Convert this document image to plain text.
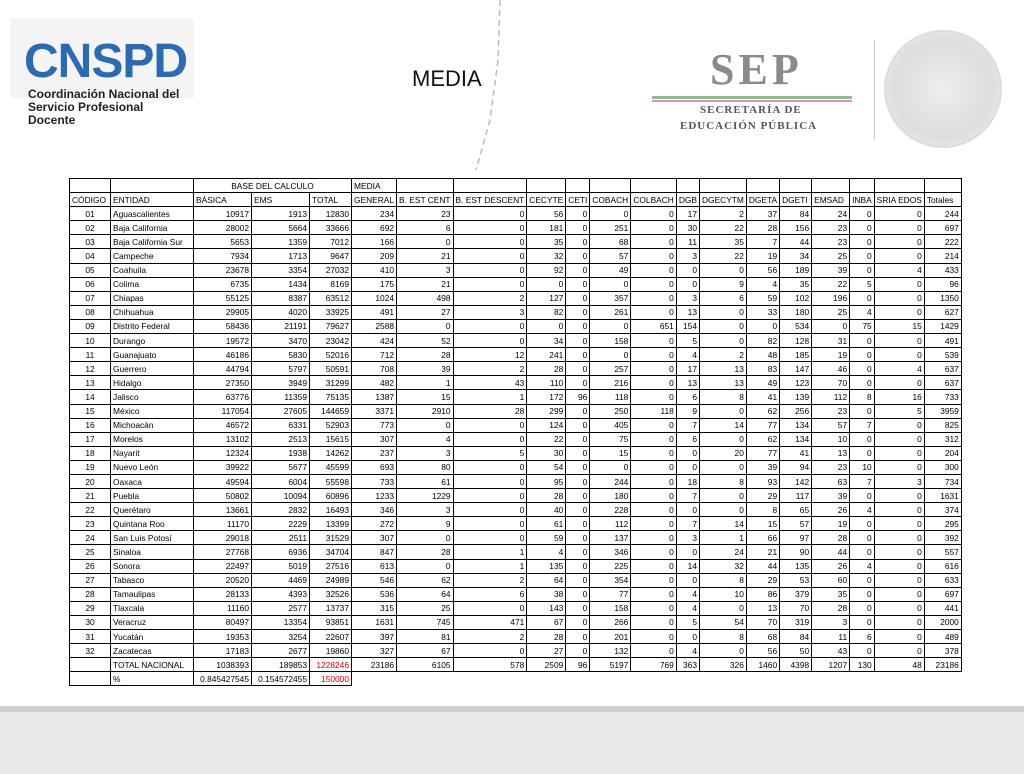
CNSPD
Coordinación Nacional del
Servicio Profesional Docente
MEDIA	SEP
SECRETARÍA DE
EDUCACIÓN PÚBLICA
		BASE DEL CALCULO			MEDIA														
CÓDIGO	ENTIDAD	BÁSICA	EMS	TOTAL	GENERAL	B. EST CENT	B. EST DESCENT	CECYTE	CETI	COBACH	COLBACH	DGB	DGECYTM	DGETA	DGETI	EMSAD	INBA	SRIA EDOS	Totales
01	Aguascalientes	10917	1913	12830	234	23	0	56	0	0	0	17	2	37	84	24	0	0	244
02	Baja California	28002	5664	33666	692	6	0	181	0	251	0	30	22	28	156	23	0	0	697
03	Baja California Sur	5653	1359	7012	166	0	0	35	0	68	0	11	35	7	44	23	0	0	222
04	Campeche	7934	1713	9647	209	21	0	32	0	57	0	3	22	19	34	25	0	0	214
05	Coahuila	23678	3354	27032	410	3	0	92	0	49	0	0	0	56	189	39	0	4	433
06	Colima	6735	1434	8169	175	21	0	0	0	0	0	0	9	4	35	22	5	0	96
07	Chiapas	55125	8387	63512	1024	498	2	127	0	357	0	3	6	59	102	196	0	0	1350
08	Chihuahua	29905	4020	33925	491	27	3	82	0	261	0	13	0	33	180	25	4	0	627
09	Distrito Federal	58436	21191	79627	2588	0	0	0	0	0	651	154	0	0	534	0	75	15	1429
10	Durango	19572	3470	23042	424	52	0	34	0	158	0	5	0	82	128	31	0	0	491
11	Guanajuato	46186	5830	52016	712	28	12	241	0	0	0	4	2	48	185	19	0	0	539
12	Guerrero	44794	5797	50591	708	39	2	28	0	257	0	17	13	83	147	46	0	4	637
13	Hidalgo	27350	3949	31299	482	1	43	110	0	216	0	13	13	49	123	70	0	0	637
14	Jalisco	63776	11359	75135	1387	15	1	172	96	118	0	6	8	41	139	112	8	16	733
15	México	117054	27605	144659	3371	2910	28	299	0	250	118	9	0	62	256	23	0	5	3959
16	Michoacán	46572	6331	52903	773	0	0	124	0	405	0	7	14	77	134	57	7	0	825
17	Morelos	13102	2513	15615	307	4	0	22	0	75	0	6	0	62	134	10	0	0	312
18	Nayarit	12324	1938	14262	237	3	5	30	0	15	0	0	20	77	41	13	0	0	204
19	Nuevo León	39922	5677	45599	693	80	0	54	0	0	0	0	0	39	94	23	10	0	300
20	Oaxaca	49594	6004	55598	733	61	0	95	0	244	0	18	8	93	142	63	7	3	734
21	Puebla	50802	10094	60896	1233	1229	0	28	0	180	0	7	0	29	117	39	0	0	1631
22	Querétaro	13661	2832	16493	346	3	0	40	0	228	0	0	0	8	65	26	4	0	374
23	Quintana Roo	11170	2229	13399	272	9	0	61	0	112	0	7	14	15	57	19	0	0	295
24	San Luis Potosí	29018	2511	31529	307	0	0	59	0	137	0	3	1	66	97	28	0	0	392
25	Sinaloa	27768	6936	34704	847	28	1	4	0	346	0	0	24	21	90	44	0	0	557
26	Sonora	22497	5019	27516	613	0	1	135	0	225	0	14	32	44	135	26	4	0	616
27	Tabasco	20520	4469	24989	546	62	2	64	0	354	0	0	8	29	53	60	0	0	633
28	Tamaulipas	28133	4393	32526	536	64	6	38	0	77	0	4	10	86	379	35	0	0	697
29	Tlaxcala	11160	2577	13737	315	25	0	143	0	158	0	4	0	13	70	28	0	0	441
30	Veracruz	80497	13354	93851	1631	745	471	67	0	266	0	5	54	70	319	3	0	0	2000
31	Yucatán	19353	3254	22607	397	81	2	28	0	201	0	0	8	68	84	11	6	0	489
32	Zacatecas	17183	2677	19860	327	67	0	27	0	132	0	4	0	56	50	43	0	0	378
	TOTAL NACIONAL	1038393	189853	1228246	23186	6105	578	2509	96	5197	769	363	326	1460	4398	1207	130	48	23186
	%	0.845427545	0.154572455	150000															
